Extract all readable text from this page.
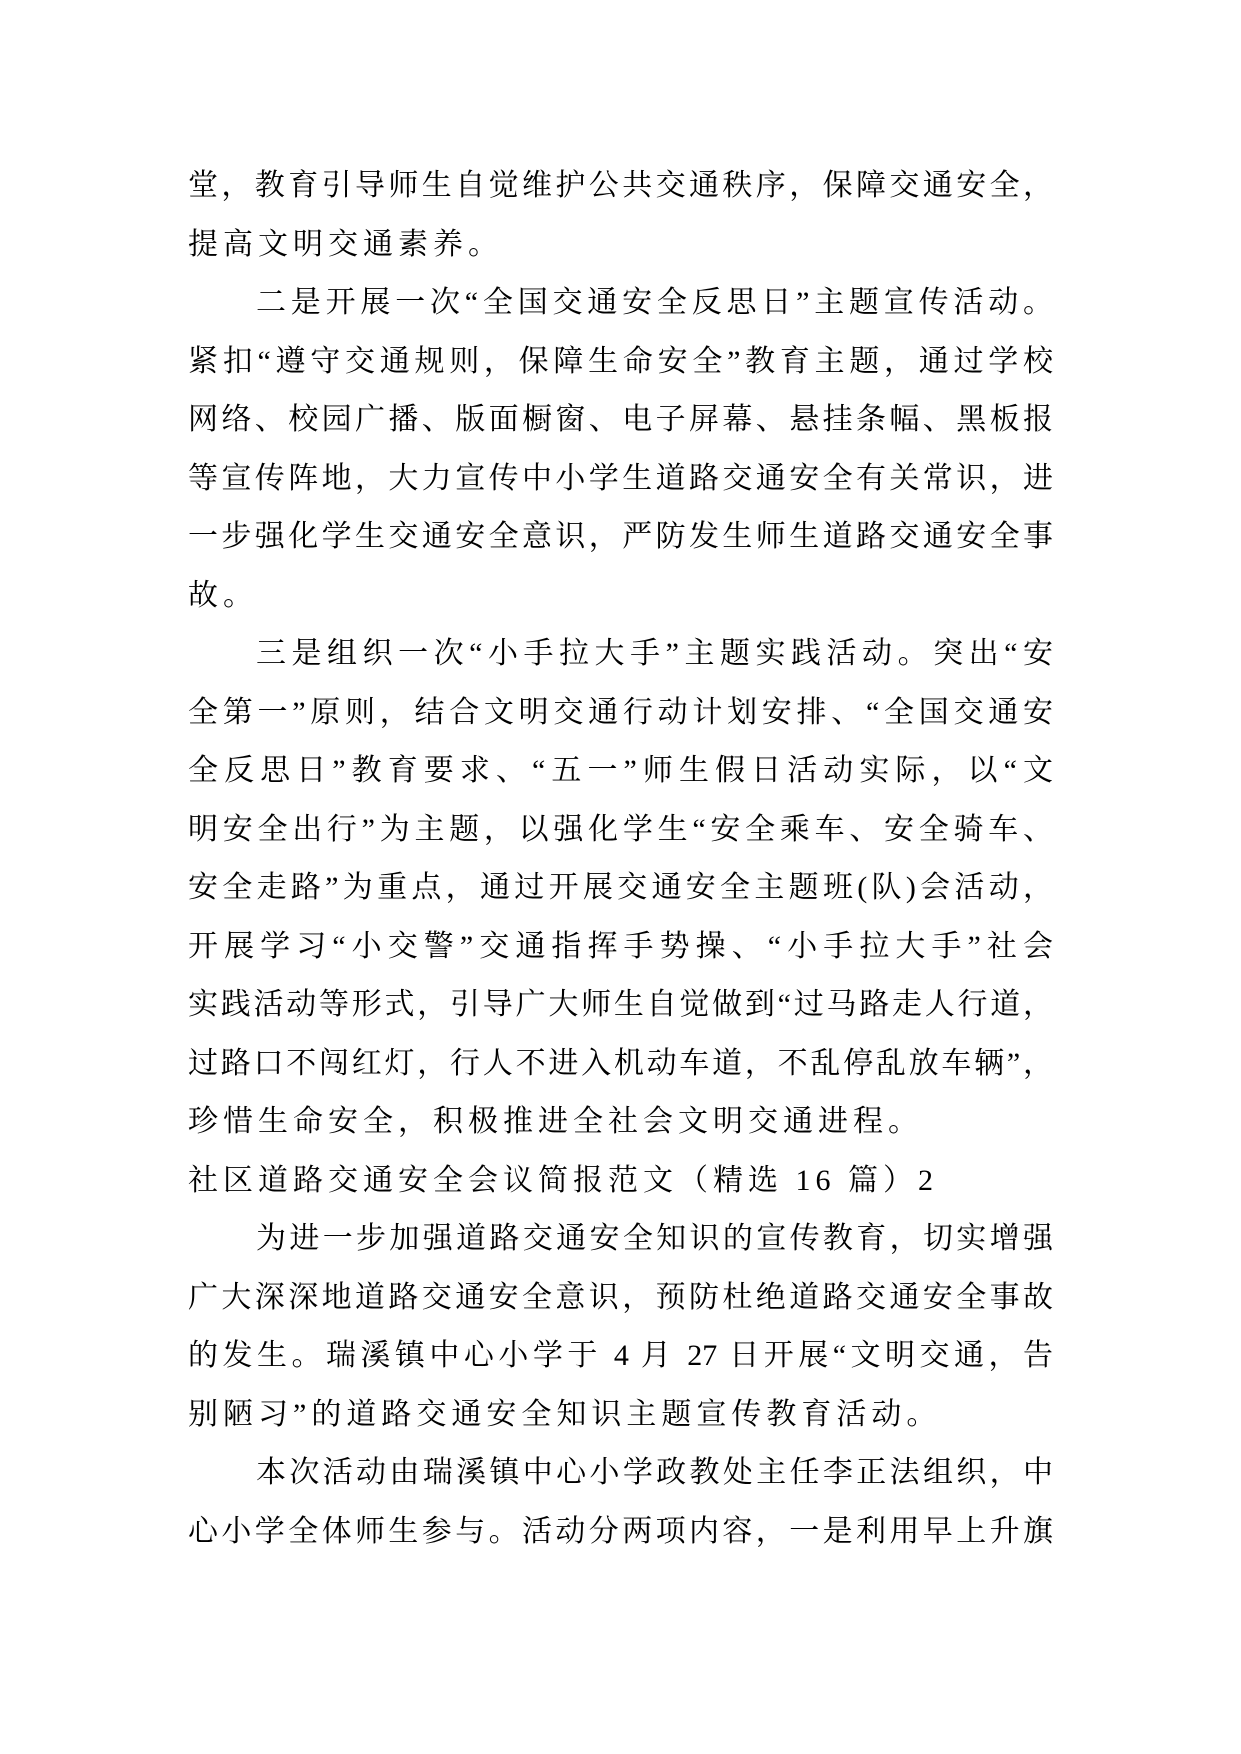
堂，教育引导师生自觉维护公共交通秩序，保障交通安全，
提高文明交通素养。
二是开展一次“全国交通安全反思日”主题宣传活动。
紧扣“遵守交通规则，保障生命安全”教育主题，通过学校
网络、校园广播、版面橱窗、电子屏幕、悬挂条幅、黑板报
等宣传阵地，大力宣传中小学生道路交通安全有关常识，进
一步强化学生交通安全意识，严防发生师生道路交通安全事
故。
三是组织一次“小手拉大手”主题实践活动。突出“安
全第一”原则，结合文明交通行动计划安排、“全国交通安
全反思日”教育要求、“五一”师生假日活动实际，以“文
明安全出行”为主题，以强化学生“安全乘车、安全骑车、
安全走路”为重点，通过开展交通安全主题班(队)会活动，
开展学习“小交警”交通指挥手势操、“小手拉大手”社会
实践活动等形式，引导广大师生自觉做到“过马路走人行道，
过路口不闯红灯，行人不进入机动车道，不乱停乱放车辆”，
珍惜生命安全，积极推进全社会文明交通进程。
社区道路交通安全会议简报范文（精选 16 篇）2
为进一步加强道路交通安全知识的宣传教育，切实增强
广大深深地道路交通安全意识，预防杜绝道路交通安全事故
的发生。瑞溪镇中心小学于 4 月 27 日开展“文明交通，告
别陋习”的道路交通安全知识主题宣传教育活动。
本次活动由瑞溪镇中心小学政教处主任李正法组织，中
心小学全体师生参与。活动分两项内容，一是利用早上升旗
